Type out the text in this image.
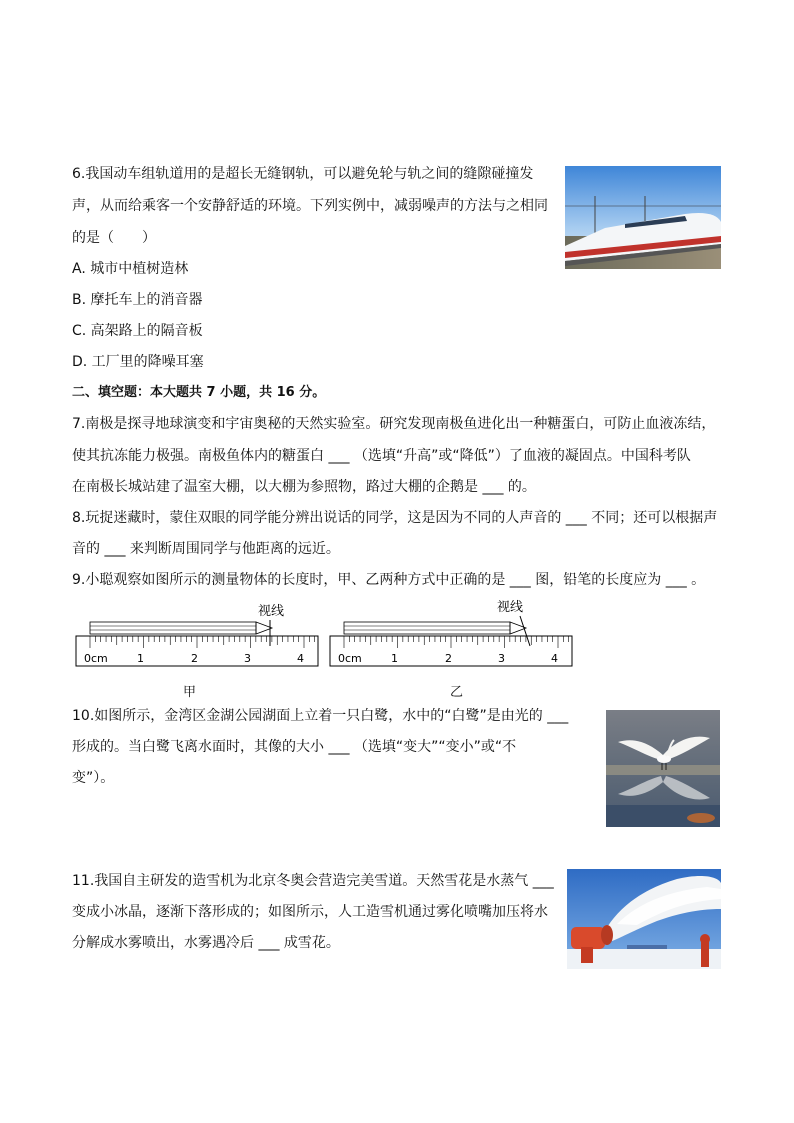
6.我国动车组轨道用的是超长无缝钢轨，可以避免轮与轨之间的缝隙碰撞发
声，从而给乘客一个安静舒适的环境。下列实例中，减弱噪声的方法与之相同
的是（　　）
A. 城市中植树造林
B. 摩托车上的消音器
C. 高架路上的隔音板
D. 工厂里的降噪耳塞
二、填空题：本大题共 7 小题，共 16 分。
7.南极是探寻地球演变和宇宙奥秘的天然实验室。研究发现南极鱼进化出一种糖蛋白，可防止血液冻结，
使其抗冻能力极强。南极鱼体内的糖蛋白 ___ （选填“升高”或“降低”）了血液的凝固点。中国科考队
在南极长城站建了温室大棚，以大棚为参照物，路过大棚的企鹅是 ___ 的。
8.玩捉迷藏时，蒙住双眼的同学能分辨出说话的同学，这是因为不同的人声音的 ___ 不同；还可以根据声
音的 ___ 来判断周围同学与他距离的远近。
9.小聪观察如图所示的测量物体的长度时，甲、乙两种方式中正确的是 ___ 图，铅笔的长度应为 ___ 。
视线
0cm	1	2	3	4
甲
视线
0cm	1	2	3	4
乙
10.如图所示，金湾区金湖公园湖面上立着一只白鹭，水中的“白鹭”是由光的 ___
形成的。当白鹭飞离水面时，其像的大小 ___ （选填“变大”“变小”或“不
变”）。
11.我国自主研发的造雪机为北京冬奥会营造完美雪道。天然雪花是水蒸气 ___
变成小冰晶，逐渐下落形成的；如图所示，人工造雪机通过雾化喷嘴加压将水
分解成水雾喷出，水雾遇冷后 ___ 成雪花。
